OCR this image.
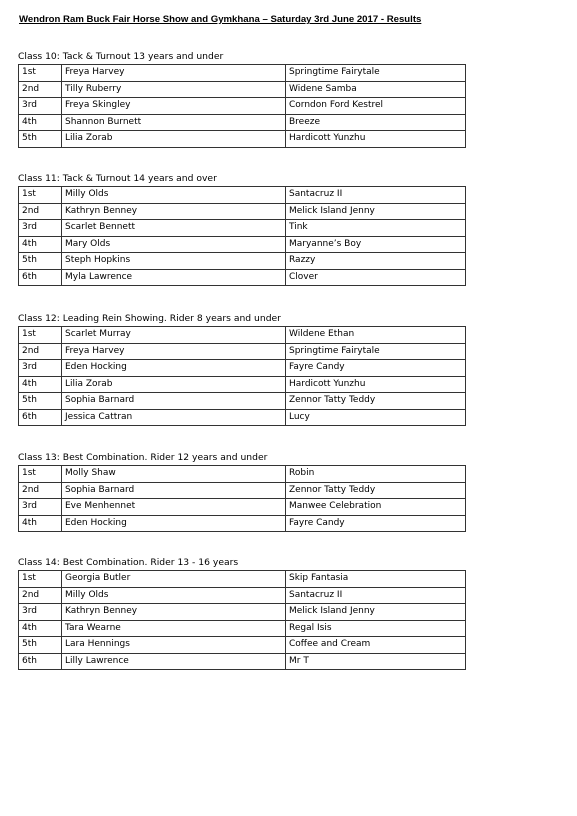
Wendron Ram Buck Fair Horse Show and Gymkhana – Saturday 3rd June 2017 - Results
Class 10: Tack & Turnout 13 years and under
1st	Freya Harvey	Springtime Fairytale
2nd	Tilly Ruberry	Widene Samba
3rd	Freya Skingley	Corndon Ford Kestrel
4th	Shannon Burnett	Breeze
5th	Lilia Zorab	Hardicott Yunzhu
Class 11: Tack & Turnout 14 years and over
1st	Milly Olds	Santacruz II
2nd	Kathryn Benney	Melick Island Jenny
3rd	Scarlet Bennett	Tink
4th	Mary Olds	Maryanne’s Boy
5th	Steph Hopkins	Razzy
6th	Myla Lawrence	Clover
Class 12: Leading Rein Showing. Rider 8 years and under
1st	Scarlet Murray	Wildene Ethan
2nd	Freya Harvey	Springtime Fairytale
3rd	Eden Hocking	Fayre Candy
4th	Lilia Zorab	Hardicott Yunzhu
5th	Sophia Barnard	Zennor Tatty Teddy
6th	Jessica Cattran	Lucy
Class 13: Best Combination. Rider 12 years and under
1st	Molly Shaw	Robin
2nd	Sophia Barnard	Zennor Tatty Teddy
3rd	Eve Menhennet	Manwee Celebration
4th	Eden Hocking	Fayre Candy
Class 14: Best Combination. Rider 13 - 16 years
1st	Georgia Butler	Skip Fantasia
2nd	Milly Olds	Santacruz II
3rd	Kathryn Benney	Melick Island Jenny
4th	Tara Wearne	Regal Isis
5th	Lara Hennings	Coffee and Cream
6th	Lilly Lawrence	Mr T
